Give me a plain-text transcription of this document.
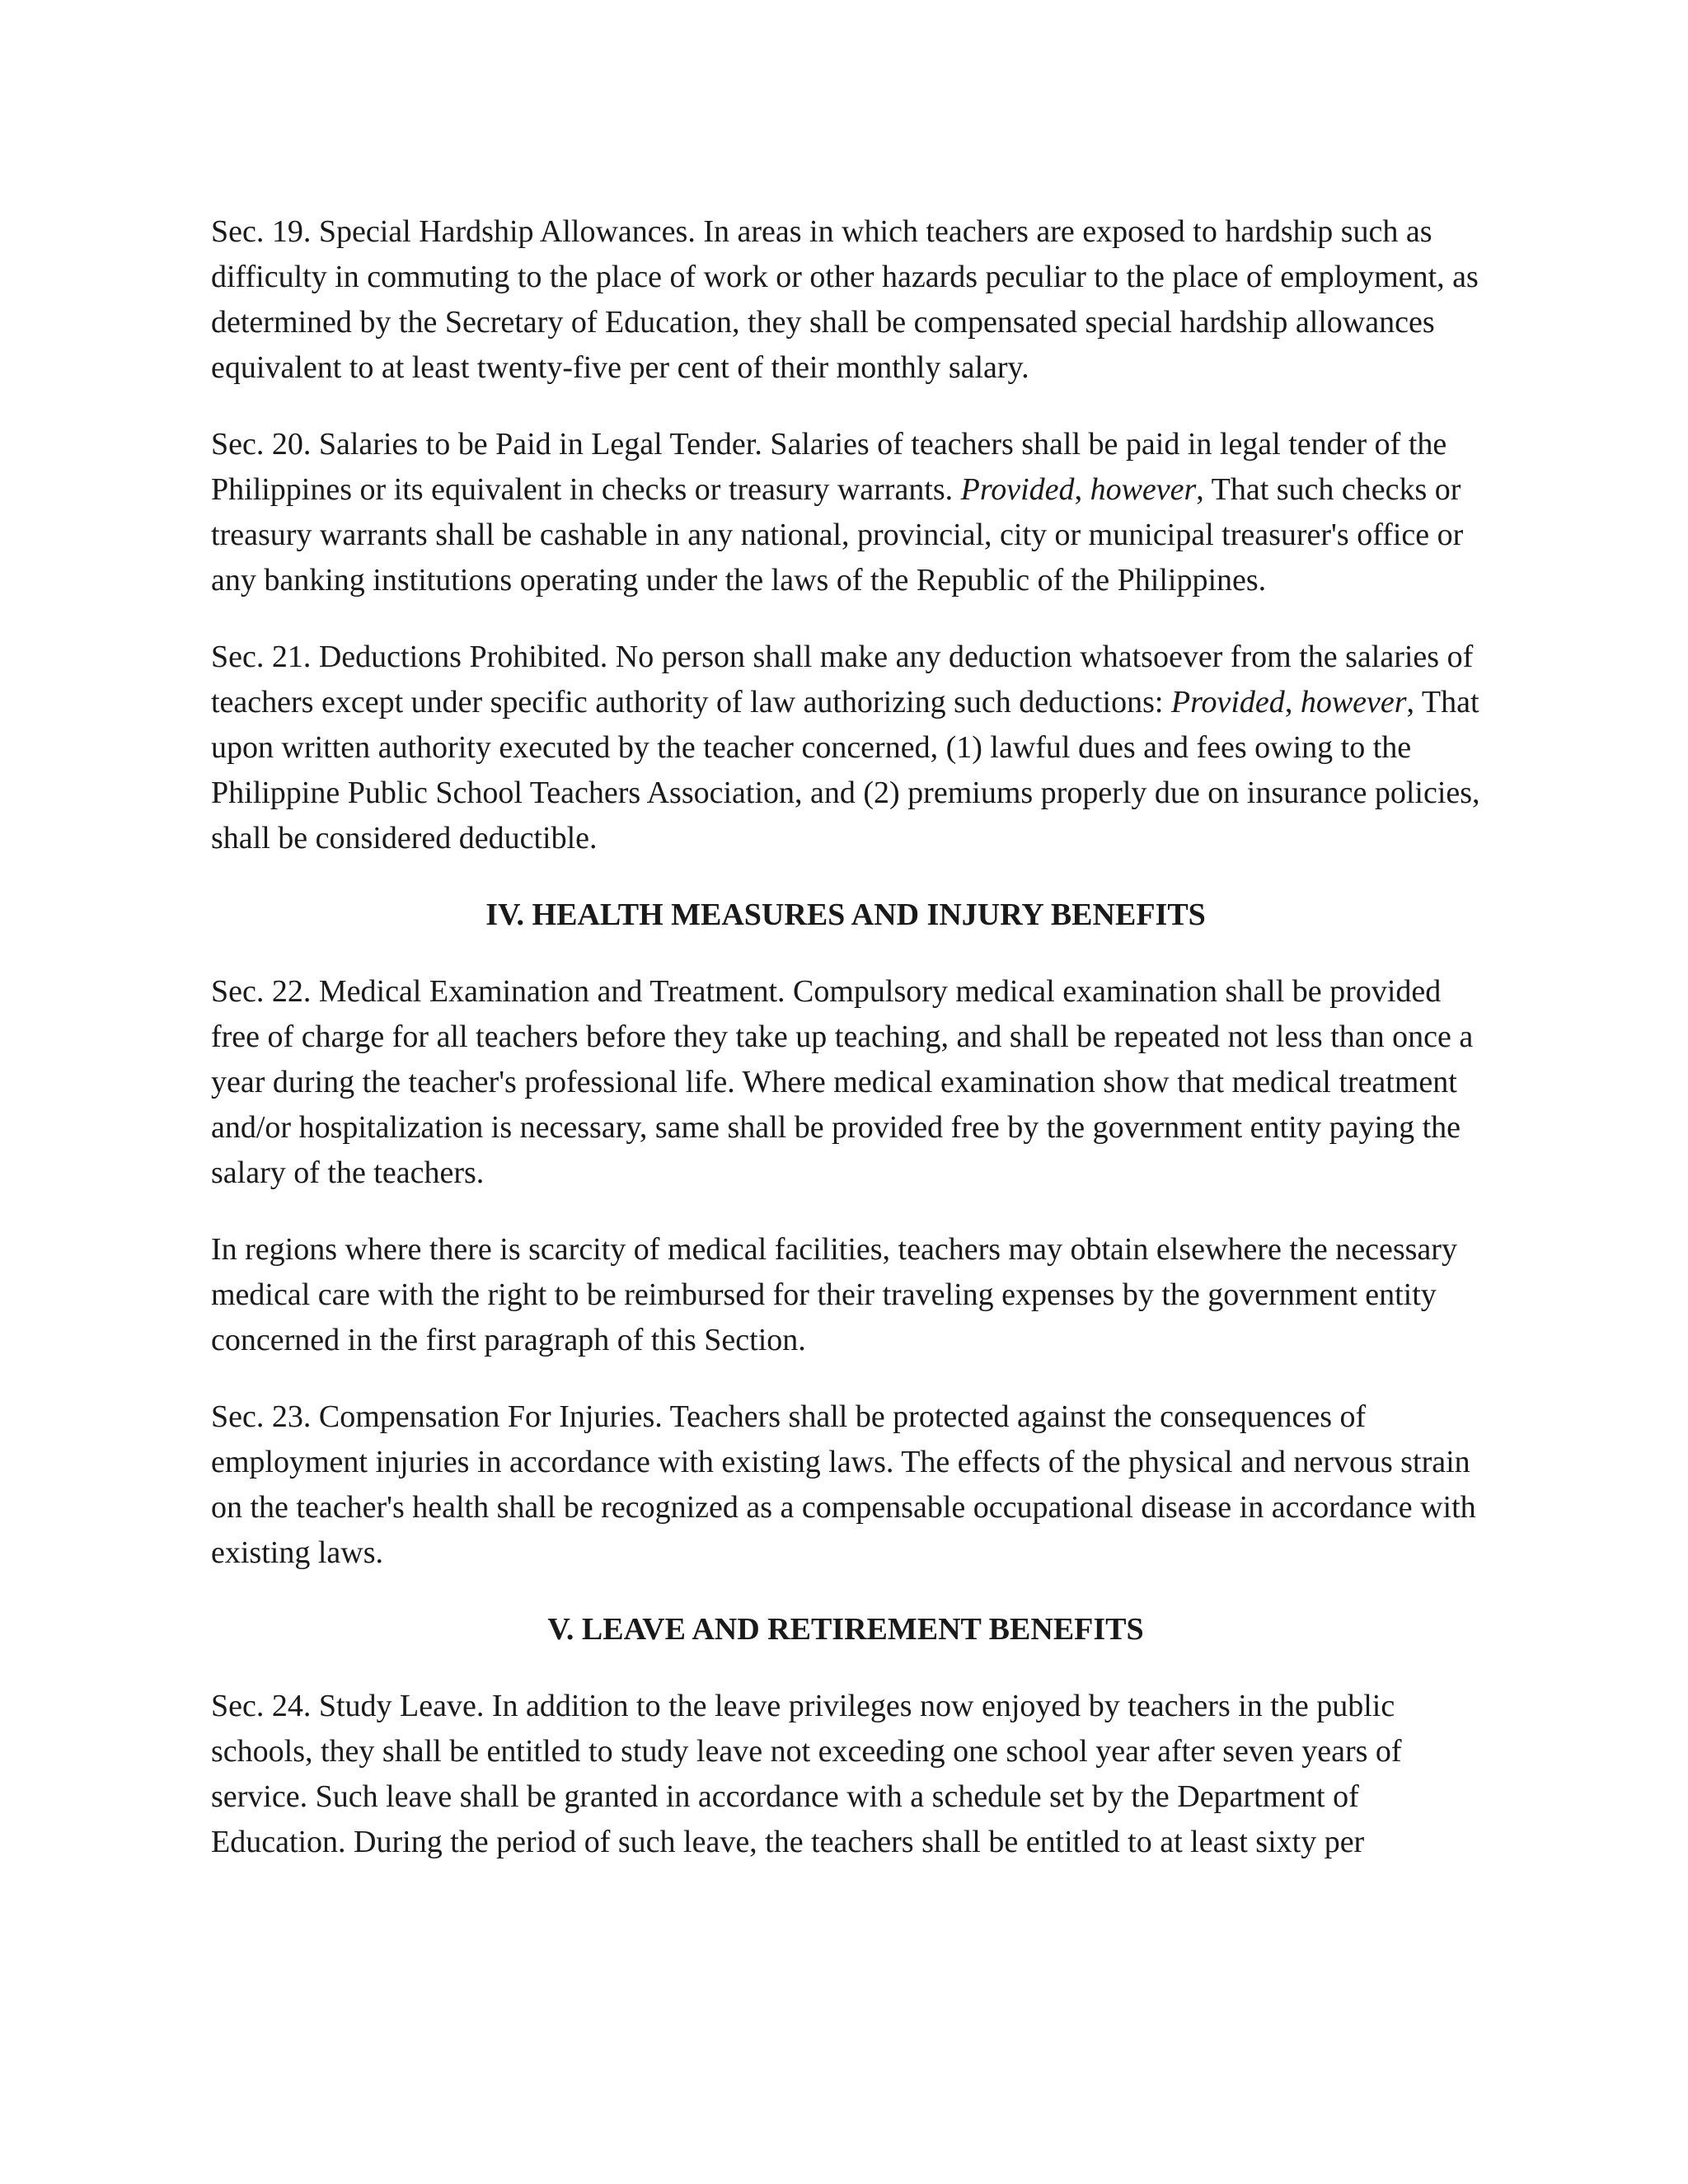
Sec. 19. Special Hardship Allowances. In areas in which teachers are exposed to hardship such as difficulty in commuting to the place of work or other hazards peculiar to the place of employment, as determined by the Secretary of Education, they shall be compensated special hardship allowances equivalent to at least twenty-five per cent of their monthly salary.

Sec. 20. Salaries to be Paid in Legal Tender. Salaries of teachers shall be paid in legal tender of the Philippines or its equivalent in checks or treasury warrants. Provided, however, That such checks or treasury warrants shall be cashable in any national, provincial, city or municipal treasurer's office or any banking institutions operating under the laws of the Republic of the Philippines.

Sec. 21. Deductions Prohibited. No person shall make any deduction whatsoever from the salaries of teachers except under specific authority of law authorizing such deductions: Provided, however, That upon written authority executed by the teacher concerned, (1) lawful dues and fees owing to the Philippine Public School Teachers Association, and (2) premiums properly due on insurance policies, shall be considered deductible.

IV. HEALTH MEASURES AND INJURY BENEFITS

Sec. 22. Medical Examination and Treatment. Compulsory medical examination shall be provided free of charge for all teachers before they take up teaching, and shall be repeated not less than once a year during the teacher's professional life. Where medical examination show that medical treatment and/or hospitalization is necessary, same shall be provided free by the government entity paying the salary of the teachers.

In regions where there is scarcity of medical facilities, teachers may obtain elsewhere the necessary medical care with the right to be reimbursed for their traveling expenses by the government entity concerned in the first paragraph of this Section.

Sec. 23. Compensation For Injuries. Teachers shall be protected against the consequences of employment injuries in accordance with existing laws. The effects of the physical and nervous strain on the teacher's health shall be recognized as a compensable occupational disease in accordance with existing laws.

V. LEAVE AND RETIREMENT BENEFITS

Sec. 24. Study Leave. In addition to the leave privileges now enjoyed by teachers in the public schools, they shall be entitled to study leave not exceeding one school year after seven years of service. Such leave shall be granted in accordance with a schedule set by the Department of Education. During the period of such leave, the teachers shall be entitled to at least sixty per
